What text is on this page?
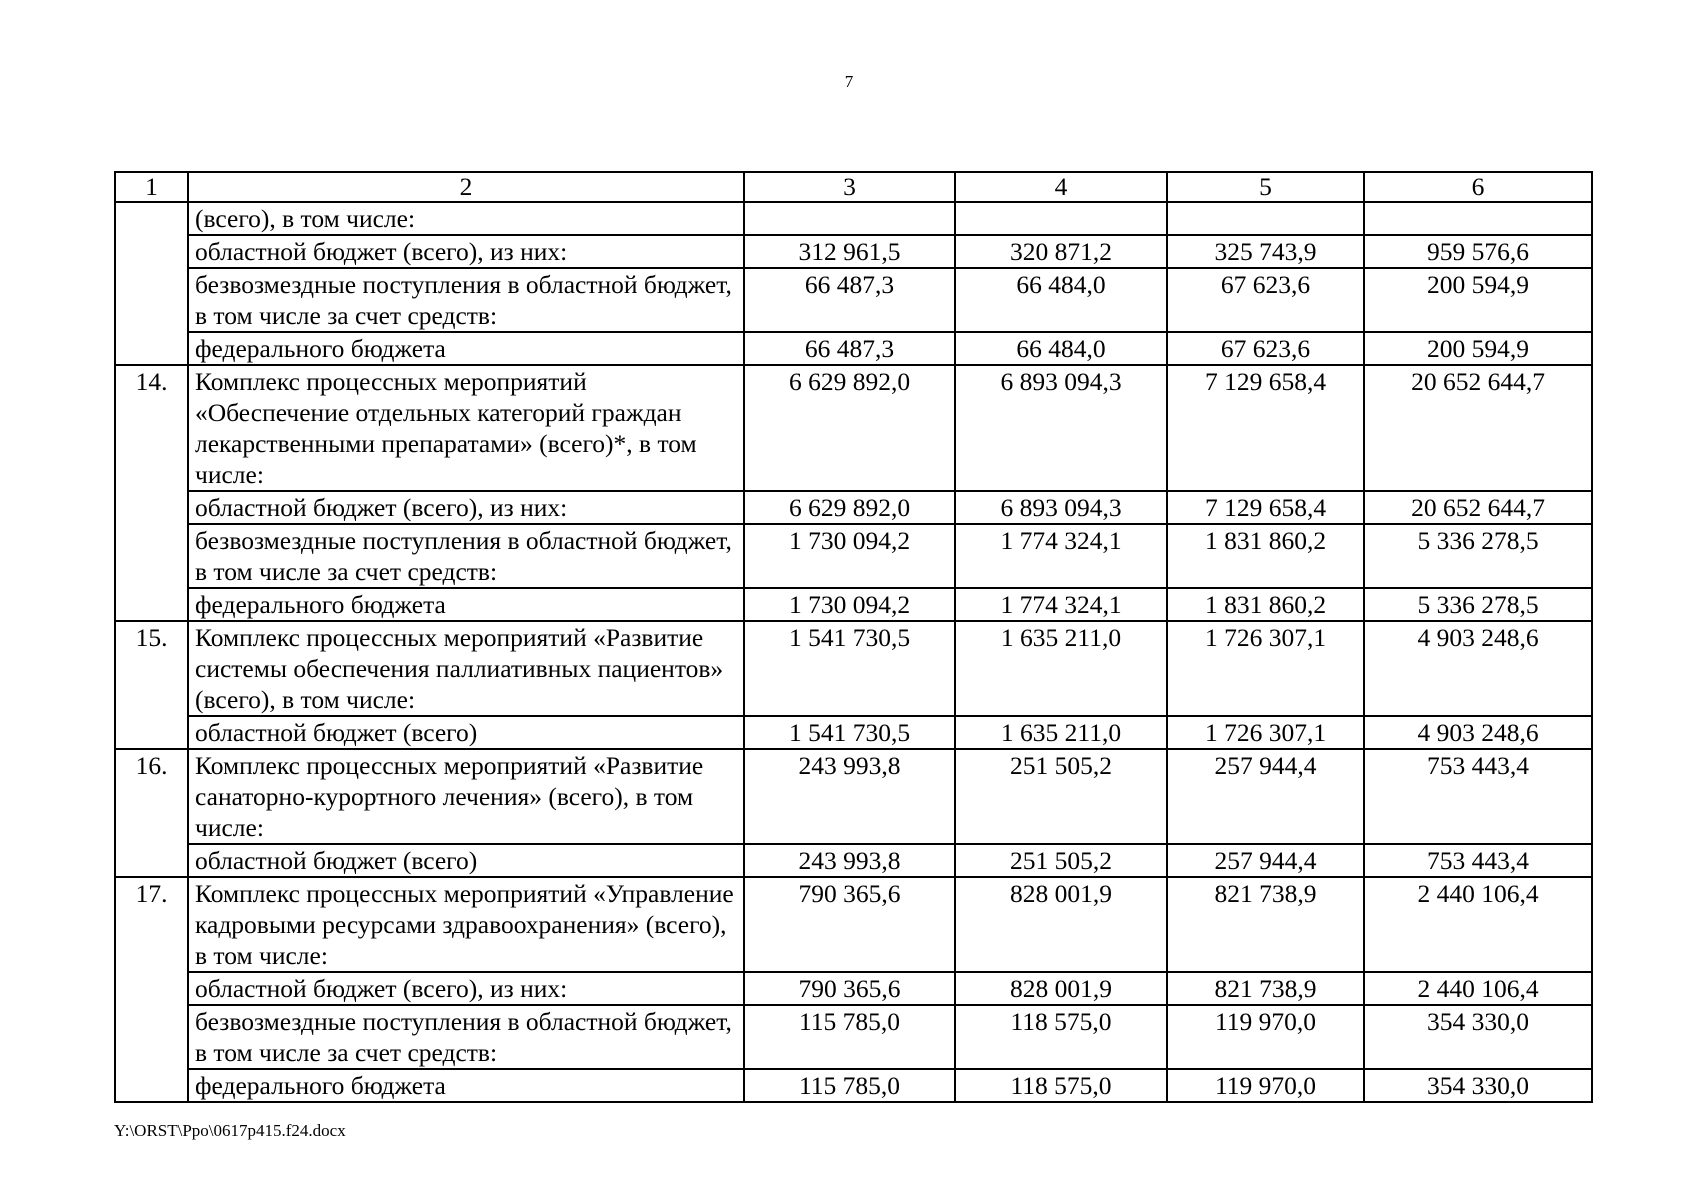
7
1	2	3	4	5	6
	(всего), в том числе:				
	областной бюджет (всего), из них:	312 961,5	320 871,2	325 743,9	959 576,6
	безвозмездные поступления в областной бюджет, в том числе за счет средств:	66 487,3	66 484,0	67 623,6	200 594,9
	федерального бюджета	66 487,3	66 484,0	67 623,6	200 594,9
14.	Комплекс процессных мероприятий «Обеспечение отдельных категорий граждан лекарственными препаратами» (всего)*, в том числе:	6 629 892,0	6 893 094,3	7 129 658,4	20 652 644,7
	областной бюджет (всего), из них:	6 629 892,0	6 893 094,3	7 129 658,4	20 652 644,7
	безвозмездные поступления в областной бюджет, в том числе за счет средств:	1 730 094,2	1 774 324,1	1 831 860,2	5 336 278,5
	федерального бюджета	1 730 094,2	1 774 324,1	1 831 860,2	5 336 278,5
15.	Комплекс процессных мероприятий «Развитие системы обеспечения паллиативных пациентов» (всего), в том числе:	1 541 730,5	1 635 211,0	1 726 307,1	4 903 248,6
	областной бюджет (всего)	1 541 730,5	1 635 211,0	1 726 307,1	4 903 248,6
16.	Комплекс процессных мероприятий «Развитие санаторно-курортного лечения» (всего), в том числе:	243 993,8	251 505,2	257 944,4	753 443,4
	областной бюджет (всего)	243 993,8	251 505,2	257 944,4	753 443,4
17.	Комплекс процессных мероприятий «Управление кадровыми ресурсами здравоохранения» (всего), в том числе:	790 365,6	828 001,9	821 738,9	2 440 106,4
	областной бюджет (всего), из них:	790 365,6	828 001,9	821 738,9	2 440 106,4
	безвозмездные поступления в областной бюджет, в том числе за счет средств:	115 785,0	118 575,0	119 970,0	354 330,0
	федерального бюджета	115 785,0	118 575,0	119 970,0	354 330,0
Y:\ORST\Ppo\0617p415.f24.docx
